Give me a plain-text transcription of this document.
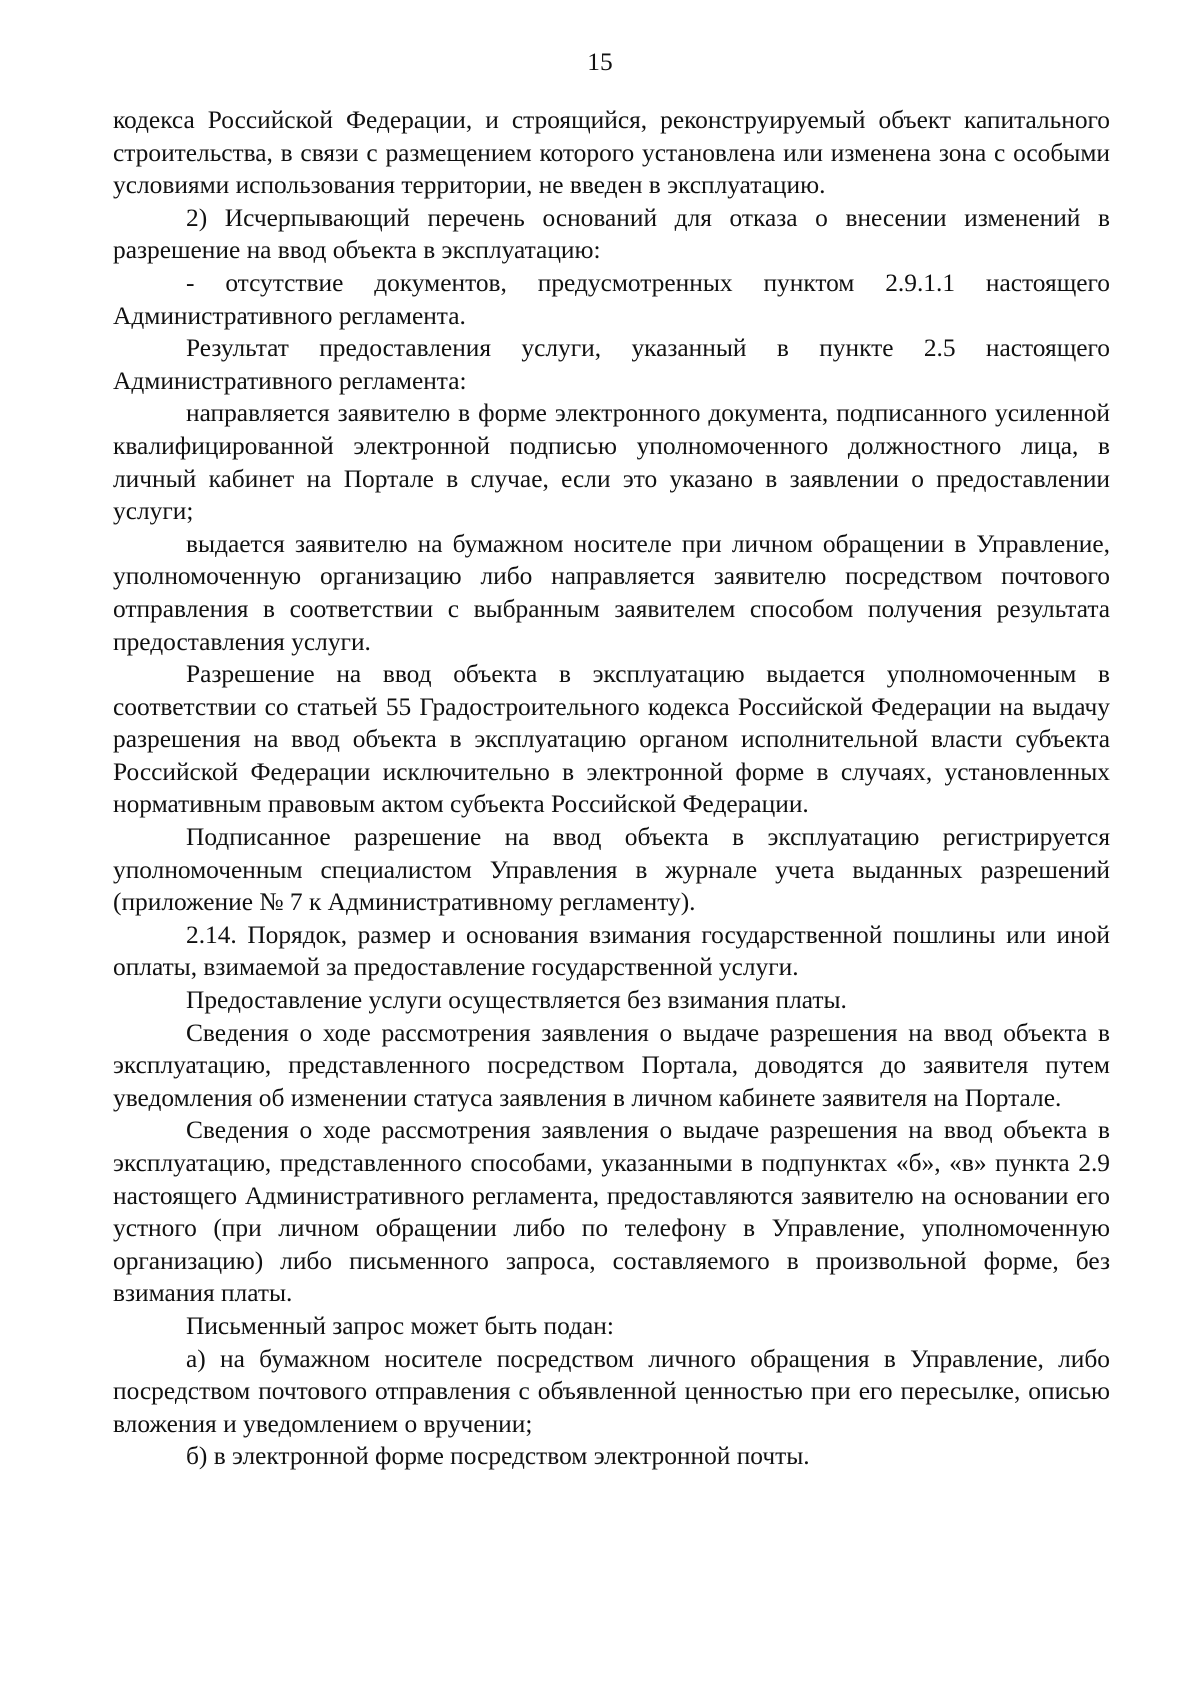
15

кодекса Российской Федерации, и строящийся, реконструируемый объект капитального строительства, в связи с размещением которого установлена или изменена зона с особыми условиями использования территории, не введен в эксплуатацию.

2) Исчерпывающий перечень оснований для отказа о внесении изменений в разрешение на ввод объекта в эксплуатацию:

- отсутствие документов, предусмотренных пунктом 2.9.1.1 настоящего Административного регламента.

Результат предоставления услуги, указанный в пункте 2.5 настоящего Административного регламента:

направляется заявителю в форме электронного документа, подписанного усиленной квалифицированной электронной подписью уполномоченного должностного лица, в личный кабинет на Портале в случае, если это указано в заявлении о предоставлении услуги;

выдается заявителю на бумажном носителе при личном обращении в Управление, уполномоченную организацию либо направляется заявителю посредством почтового отправления в соответствии с выбранным заявителем способом получения результата предоставления услуги.

Разрешение на ввод объекта в эксплуатацию выдается уполномоченным в соответствии со статьей 55 Градостроительного кодекса Российской Федерации на выдачу разрешения на ввод объекта в эксплуатацию органом исполнительной власти субъекта Российской Федерации исключительно в электронной форме в случаях, установленных нормативным правовым актом субъекта Российской Федерации.

Подписанное разрешение на ввод объекта в эксплуатацию регистрируется уполномоченным специалистом Управления в журнале учета выданных разрешений (приложение № 7 к Административному регламенту).

2.14. Порядок, размер и основания взимания государственной пошлины или иной оплаты, взимаемой за предоставление государственной услуги.

Предоставление услуги осуществляется без взимания платы.

Сведения о ходе рассмотрения заявления о выдаче разрешения на ввод объекта в эксплуатацию, представленного посредством Портала, доводятся до заявителя путем уведомления об изменении статуса заявления в личном кабинете заявителя на Портале.

Сведения о ходе рассмотрения заявления о выдаче разрешения на ввод объекта в эксплуатацию, представленного способами, указанными в подпунктах «б», «в» пункта 2.9 настоящего Административного регламента, предоставляются заявителю на основании его устного (при личном обращении либо по телефону в Управление, уполномоченную организацию) либо письменного запроса, составляемого в произвольной форме, без взимания платы.

Письменный запрос может быть подан:

а) на бумажном носителе посредством личного обращения в Управление, либо посредством почтового отправления с объявленной ценностью при его пересылке, описью вложения и уведомлением о вручении;

б) в электронной форме посредством электронной почты.
